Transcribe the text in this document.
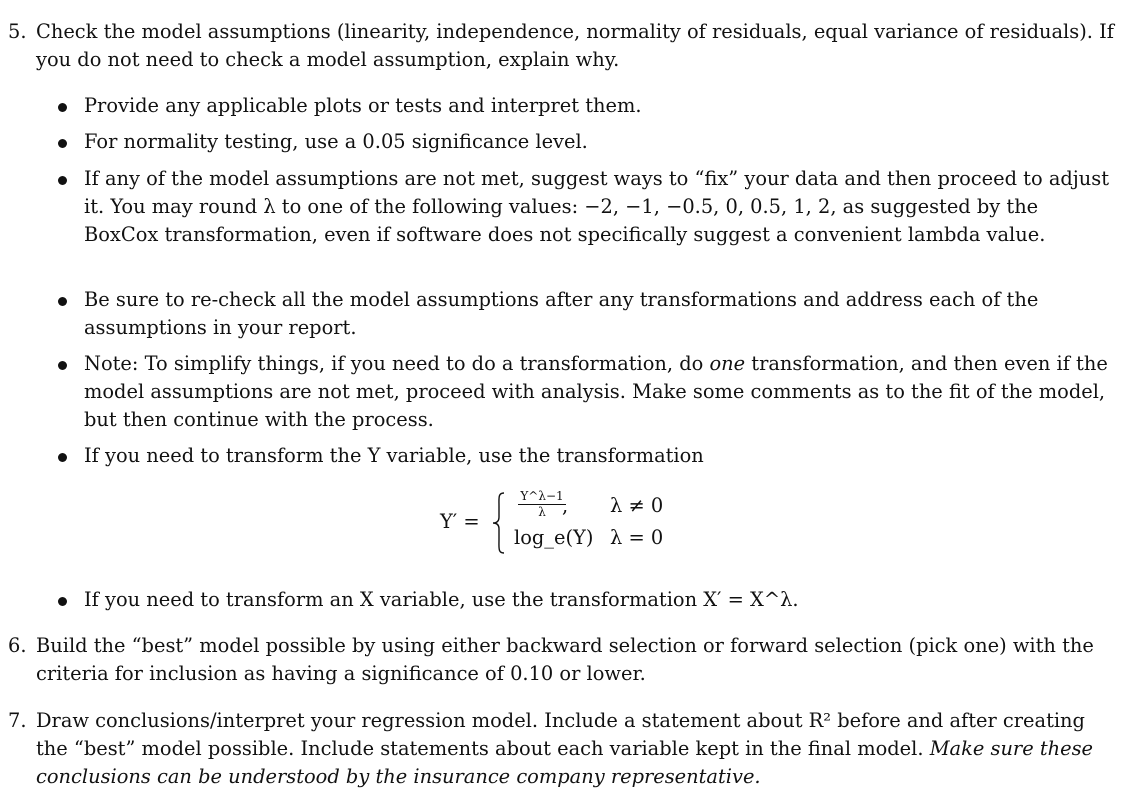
5. Check the model assumptions (linearity, independence, normality of residuals, equal variance of residuals). If you do not need to check a model assumption, explain why.
Provide any applicable plots or tests and interpret them.
For normality testing, use a 0.05 significance level.
If any of the model assumptions are not met, suggest ways to “fix” your data and then proceed to adjust it. You may round λ to one of the following values: −2, −1, −0.5, 0, 0.5, 1, 2, as suggested by the BoxCox transformation, even if software does not specifically suggest a convenient lambda value.
Be sure to re-check all the model assumptions after any transformations and address each of the assumptions in your report.
Note: To simplify things, if you need to do a transformation, do one transformation, and then even if the model assumptions are not met, proceed with analysis. Make some comments as to the fit of the model, but then continue with the process.
If you need to transform the Y variable, use the transformation
Y′ =
Y^λ−1
λ , λ ≠ 0
log_e(Y) λ = 0
If you need to transform an X variable, use the transformation X′ = X^λ.
6. Build the “best” model possible by using either backward selection or forward selection (pick one) with the criteria for inclusion as having a significance of 0.10 or lower.
7. Draw conclusions/interpret your regression model. Include a statement about R² before and after creating the “best” model possible. Include statements about each variable kept in the final model. Make sure these conclusions can be understood by the insurance company representative.
